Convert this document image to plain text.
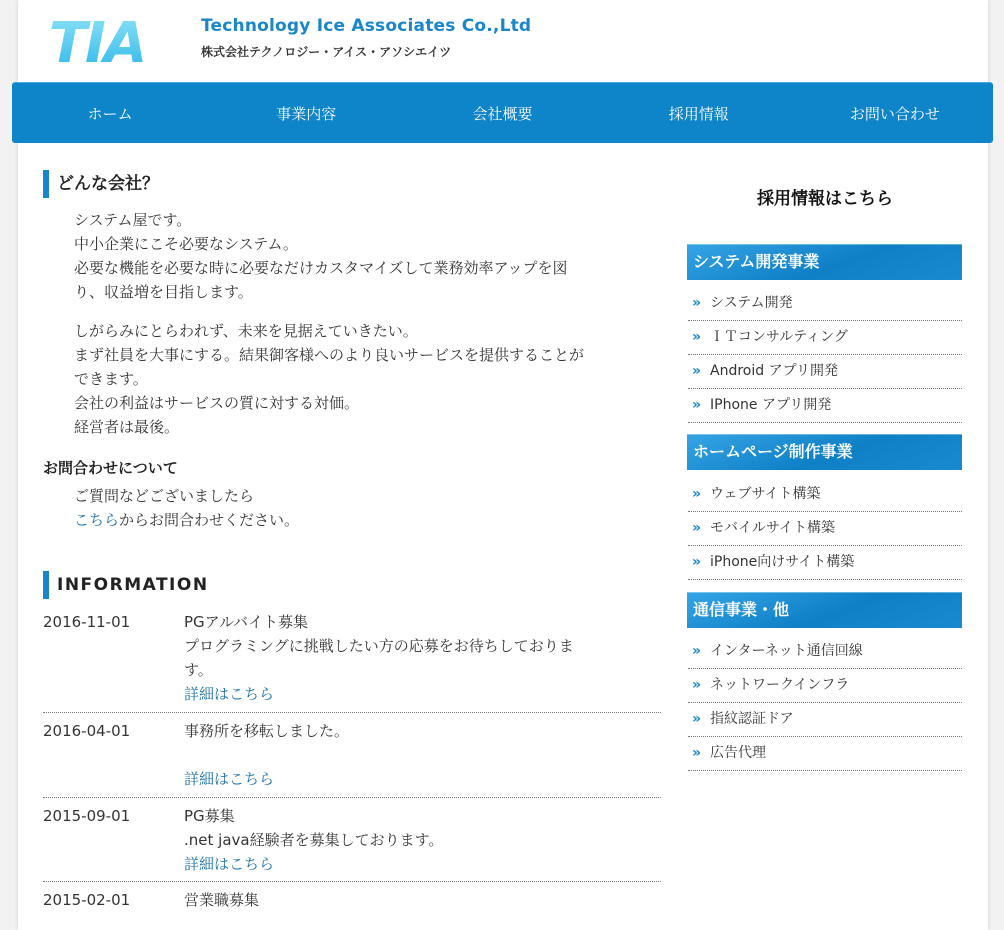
TIA	Technology Ice Associates Co.,Ltd
株式会社テクノロジー・アイス・アソシエイツ
ホーム	事業内容	会社概要	採用情報	お問い合わせ
どんな会社？
システム屋です。
中小企業にこそ必要なシステム。
必要な機能を必要な時に必要なだけカスタマイズして業務効率アップを図
り、収益増を目指します。
しがらみにとらわれず、未来を見据えていきたい。
まず社員を大事にする。結果御客様へのより良いサービスを提供することが
できます。
会社の利益はサービスの質に対する対価。
経営者は最後。
お問合わせについて
ご質問などございましたら
こちらからお問合わせください。
INFORMATION
2016-11-01	PGアルバイト募集
プログラミングに挑戦したい方の応募をお待ちしておりま
す。
詳細はこちら
2016-04-01	事務所を移転しました。
詳細はこちら
2015-09-01	PG募集
.net java経験者を募集しております。
詳細はこちら
2015-02-01	営業職募集
採用情報はこちら
システム開発事業
» システム開発
» ＩＴコンサルティング
» Android アプリ開発
» IPhone アプリ開発
ホームページ制作事業
» ウェブサイト構築
» モバイルサイト構築
» iPhone向けサイト構築
通信事業・他
» インターネット通信回線
» ネットワークインフラ
» 指紋認証ドア
» 広告代理
